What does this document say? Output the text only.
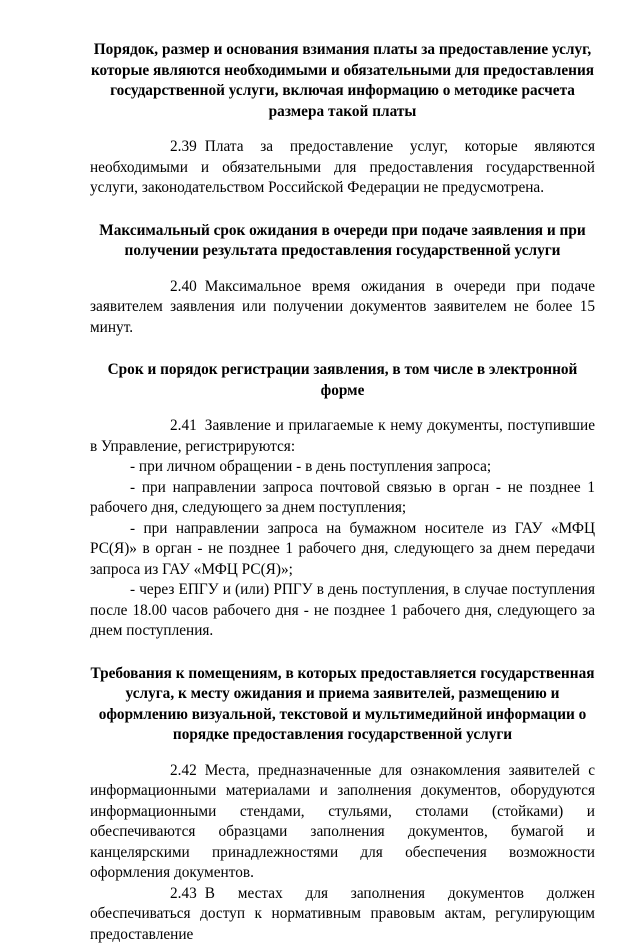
Порядок, размер и основания взимания платы за предоставление услуг, которые являются необходимыми и обязательными для предоставления государственной услуги, включая информацию о методике расчета размера такой платы

2.39 Плата за предоставление услуг, которые являются необходимыми и обязательными для предоставления государственной услуги, законодательством Российской Федерации не предусмотрена.

Максимальный срок ожидания в очереди при подаче заявления и при получении результата предоставления государственной услуги

2.40 Максимальное время ожидания в очереди при подаче заявителем заявления или получении документов заявителем не более 15 минут.

Срок и порядок регистрации заявления, в том числе в электронной форме

2.41 Заявление и прилагаемые к нему документы, поступившие в Управление, регистрируются:

- при личном обращении - в день поступления запроса;

- при направлении запроса почтовой связью в орган - не позднее 1 рабочего дня, следующего за днем поступления;

- при направлении запроса на бумажном носителе из ГАУ «МФЦ РС(Я)» в орган - не позднее 1 рабочего дня, следующего за днем передачи запроса из ГАУ «МФЦ РС(Я)»;

- через ЕПГУ и (или) РПГУ в день поступления, в случае поступления после 18.00 часов рабочего дня - не позднее 1 рабочего дня, следующего за днем поступления.

Требования к помещениям, в которых предоставляется государственная услуга, к месту ожидания и приема заявителей, размещению и оформлению визуальной, текстовой и мультимедийной информации о порядке предоставления государственной услуги

2.42 Места, предназначенные для ознакомления заявителей с информационными материалами и заполнения документов, оборудуются информационными стендами, стульями, столами (стойками) и обеспечиваются образцами заполнения документов, бумагой и канцелярскими принадлежностями для обеспечения возможности оформления документов.

2.43 В местах для заполнения документов должен обеспечиваться доступ к нормативным правовым актам, регулирующим предоставление
